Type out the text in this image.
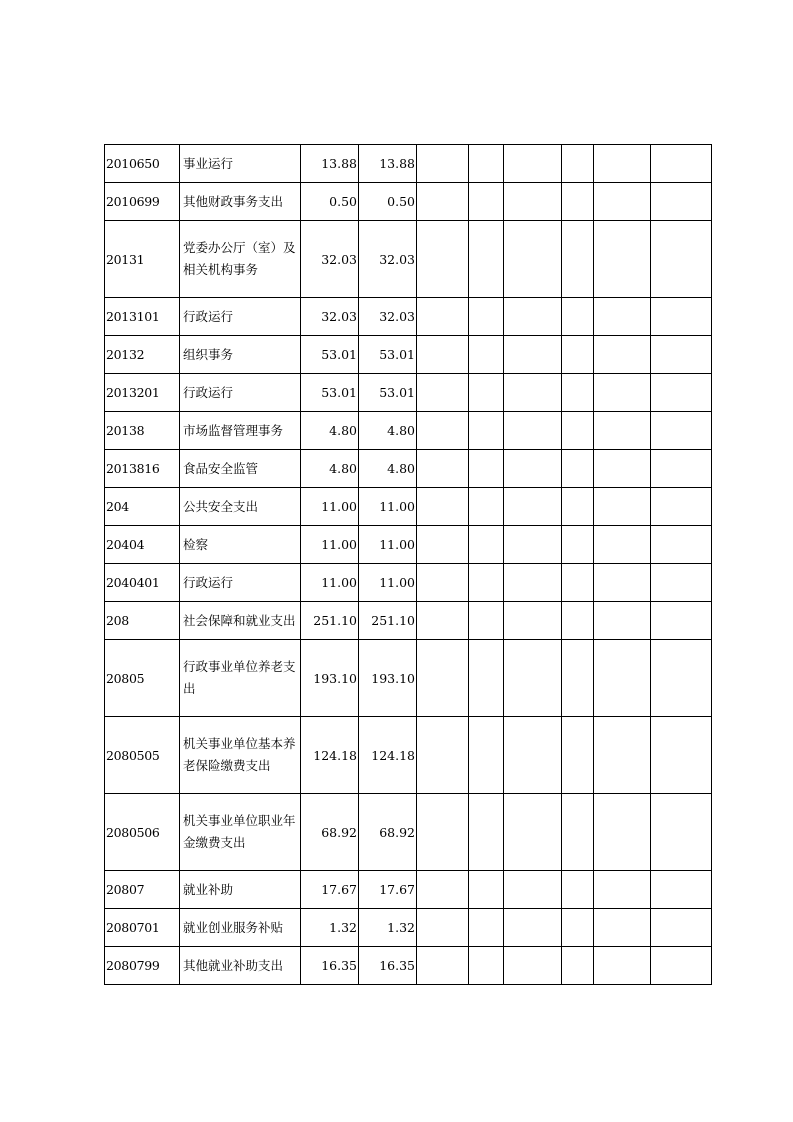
2010650	事业运行	13.88	13.88						
2010699	其他财政事务支出	0.50	0.50						
20131	党委办公厅（室）及相关机构事务	32.03	32.03						
2013101	行政运行	32.03	32.03						
20132	组织事务	53.01	53.01						
2013201	行政运行	53.01	53.01						
20138	市场监督管理事务	4.80	4.80						
2013816	食品安全监管	4.80	4.80						
204	公共安全支出	11.00	11.00						
20404	检察	11.00	11.00						
2040401	行政运行	11.00	11.00						
208	社会保障和就业支出	251.10	251.10						
20805	行政事业单位养老支出	193.10	193.10						
2080505	机关事业单位基本养老保险缴费支出	124.18	124.18						
2080506	机关事业单位职业年金缴费支出	68.92	68.92						
20807	就业补助	17.67	17.67						
2080701	就业创业服务补贴	1.32	1.32						
2080799	其他就业补助支出	16.35	16.35						
